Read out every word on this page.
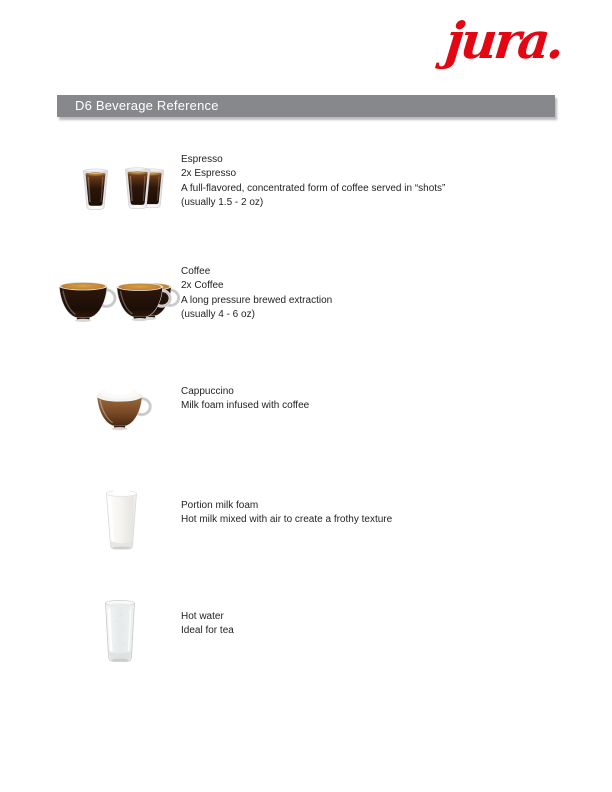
jura.
D6 Beverage Reference
Espresso
2x Espresso
A full-flavored, concentrated form of coffee served in “shots”
(usually 1.5 - 2 oz)
Coffee
2x Coffee
A long pressure brewed extraction
(usually 4 - 6 oz)
Cappuccino
Milk foam infused with coffee
Portion milk foam
Hot milk mixed with air to create a frothy texture
Hot water
Ideal for tea
